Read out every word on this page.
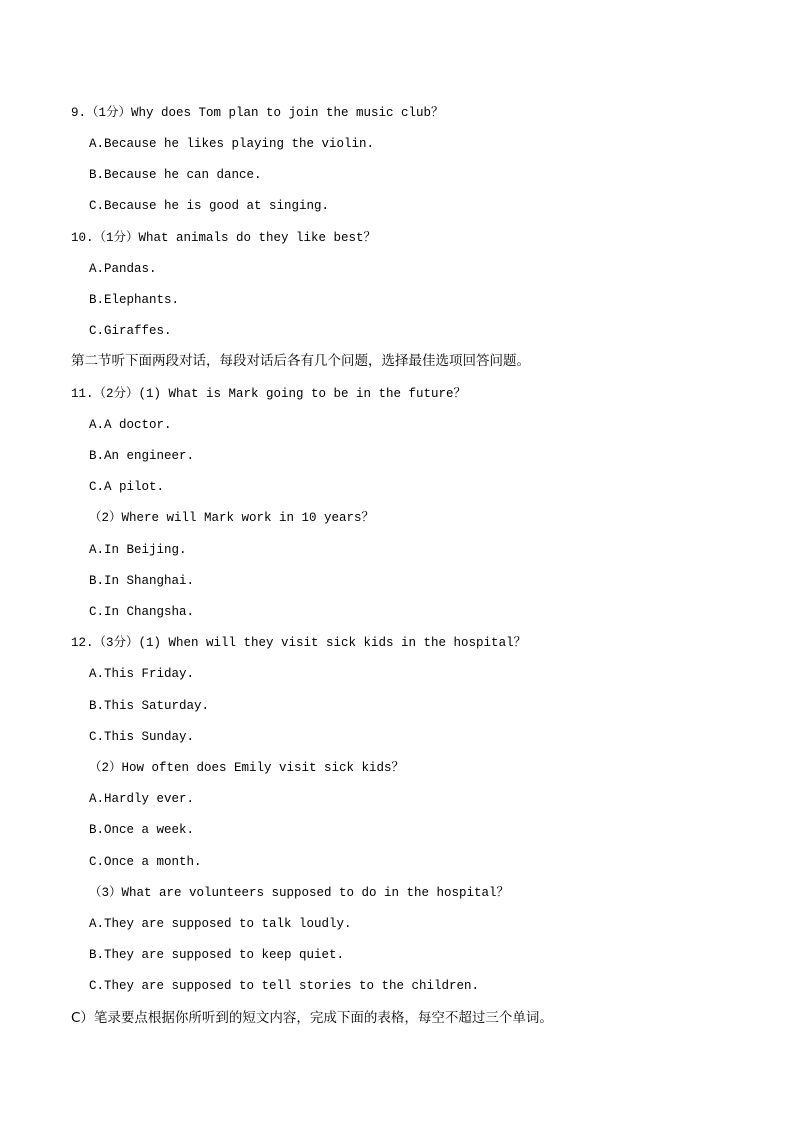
9.（1分）Why does Tom plan to join the music club？
A.Because he likes playing the violin.
B.Because he can dance.
C.Because he is good at singing.
10.（1分）What animals do they like best？
A.Pandas.
B.Elephants.
C.Giraffes.
第二节听下面两段对话，每段对话后各有几个问题，选择最佳选项回答问题。
11.（2分）(1) What is Mark going to be in the future？
A.A doctor.
B.An engineer.
C.A pilot.
（2）Where will Mark work in 10 years？
A.In Beijing.
B.In Shanghai.
C.In Changsha.
12.（3分）(1) When will they visit sick kids in the hospital？
A.This Friday.
B.This Saturday.
C.This Sunday.
（2）How often does Emily visit sick kids？
A.Hardly ever.
B.Once a week.
C.Once a month.
（3）What are volunteers supposed to do in the hospital？
A.They are supposed to talk loudly.
B.They are supposed to keep quiet.
C.They are supposed to tell stories to the children.
C）笔录要点根据你所听到的短文内容，完成下面的表格，每空不超过三个单词。
